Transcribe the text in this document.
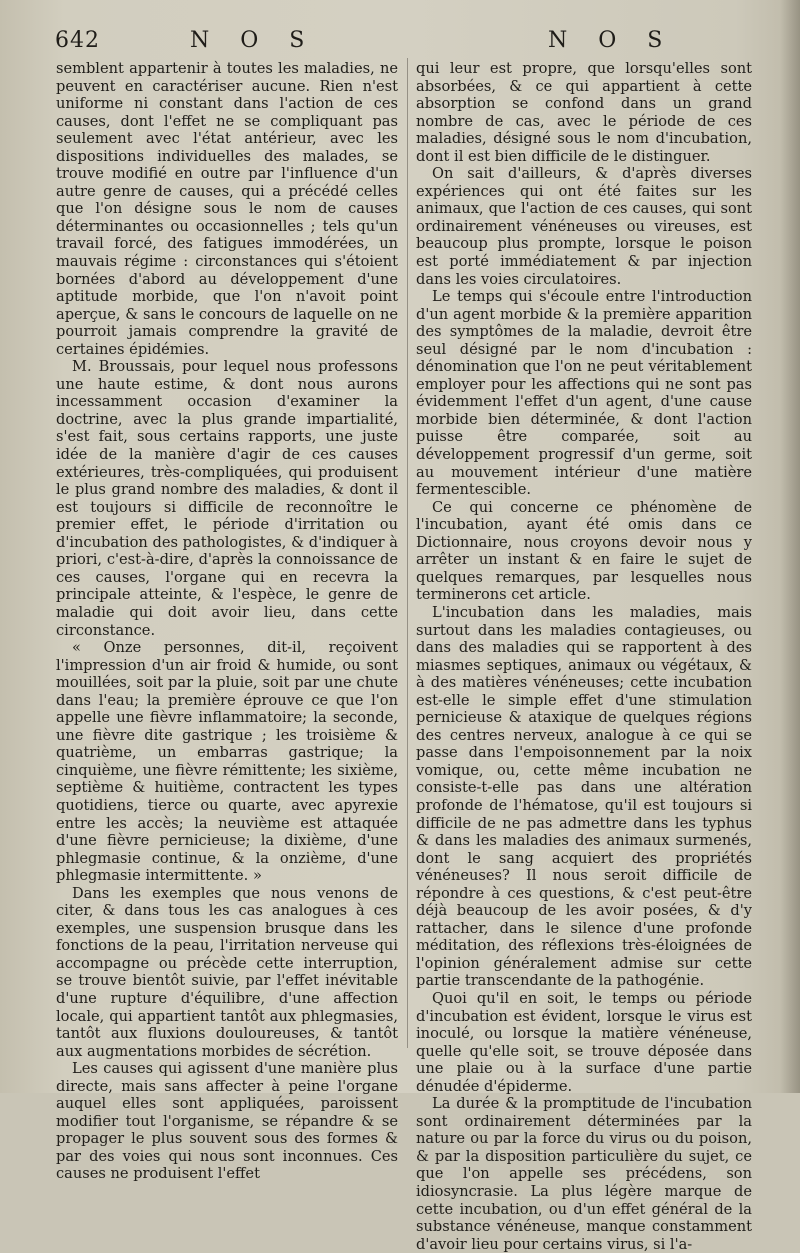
642	N O S	N O S

semblent appartenir à toutes les maladies, ne peuvent en caractériser aucune. Rien n'est uniforme ni constant dans l'action de ces causes, dont l'effet ne se compliquant pas seulement avec l'état antérieur, avec les dispositions individuelles des malades, se trouve modifié en outre par l'influence d'un autre genre de causes, qui a précédé celles que l'on désigne sous le nom de causes déterminantes ou occasionnelles ; tels qu'un travail forcé, des fatigues immodérées, un mauvais régime : circonstances qui s'étoient bornées d'abord au développement d'une aptitude morbide, que l'on n'avoit point aperçue, & sans le concours de laquelle on ne pourroit jamais comprendre la gravité de certaines épidémies.

M. Broussais, pour lequel nous professons une haute estime, & dont nous aurons incessamment occasion d'examiner la doctrine, avec la plus grande impartialité, s'est fait, sous certains rapports, une juste idée de la manière d'agir de ces causes extérieures, très-compliquées, qui produisent le plus grand nombre des maladies, & dont il est toujours si difficile de reconnoître le premier effet, le période d'irritation ou d'incubation des pathologistes, & d'indiquer à priori, c'est-à-dire, d'après la connoissance de ces causes, l'organe qui en recevra la principale atteinte, & l'espèce, le genre de maladie qui doit avoir lieu, dans cette circonstance.

« Onze personnes, dit-il, reçoivent l'impression d'un air froid & humide, ou sont mouillées, soit par la pluie, soit par une chute dans l'eau; la première éprouve ce que l'on appelle une fièvre inflammatoire; la seconde, une fièvre dite gastrique ; les troisième & quatrième, un embarras gastrique; la cinquième, une fièvre rémittente; les sixième, septième & huitième, contractent les types quotidiens, tierce ou quarte, avec apyrexie entre les accès; la neuvième est attaquée d'une fièvre pernicieuse; la dixième, d'une phlegmasie continue, & la onzième, d'une phlegmasie intermittente. »

Dans les exemples que nous venons de citer, & dans tous les cas analogues à ces exemples, une suspension brusque dans les fonctions de la peau, l'irritation nerveuse qui accompagne ou précède cette interruption, se trouve bientôt suivie, par l'effet inévitable d'une rupture d'équilibre, d'une affection locale, qui appartient tantôt aux phlegmasies, tantôt aux fluxions douloureuses, & tantôt aux augmentations morbides de sécrétion.

Les causes qui agissent d'une manière plus directe, mais sans affecter à peine l'organe auquel elles sont appliquées, paroissent modifier tout l'organisme, se répandre & se propager le plus souvent sous des formes & par des voies qui nous sont inconnues. Ces causes ne produisent l'effet

qui leur est propre, que lorsqu'elles sont absorbées, & ce qui appartient à cette absorption se confond dans un grand nombre de cas, avec le période de ces maladies, désigné sous le nom d'incubation, dont il est bien difficile de le distinguer.

On sait d'ailleurs, & d'après diverses expériences qui ont été faites sur les animaux, que l'action de ces causes, qui sont ordinairement vénéneuses ou vireuses, est beaucoup plus prompte, lorsque le poison est porté immédiatement & par injection dans les voies circulatoires.

Le temps qui s'écoule entre l'introduction d'un agent morbide & la première apparition des symptômes de la maladie, devroit être seul désigné par le nom d'incubation : dénomination que l'on ne peut véritablement employer pour les affections qui ne sont pas évidemment l'effet d'un agent, d'une cause morbide bien déterminée, & dont l'action puisse être comparée, soit au développement progressif d'un germe, soit au mouvement intérieur d'une matière fermentescible.

Ce qui concerne ce phénomène de l'incubation, ayant été omis dans ce Dictionnaire, nous croyons devoir nous y arrêter un instant & en faire le sujet de quelques remarques, par lesquelles nous terminerons cet article.

L'incubation dans les maladies, mais surtout dans les maladies contagieuses, ou dans des maladies qui se rapportent à des miasmes septiques, animaux ou végétaux, & à des matières vénéneuses; cette incubation est-elle le simple effet d'une stimulation pernicieuse & ataxique de quelques régions des centres nerveux, analogue à ce qui se passe dans l'empoisonnement par la noix vomique, ou, cette même incubation ne consiste-t-elle pas dans une altération profonde de l'hématose, qu'il est toujours si difficile de ne pas admettre dans les typhus & dans les maladies des animaux surmenés, dont le sang acquiert des propriétés vénéneuses? Il nous seroit difficile de répondre à ces questions, & c'est peut-être déjà beaucoup de les avoir posées, & d'y rattacher, dans le silence d'une profonde méditation, des réflexions très-éloignées de l'opinion généralement admise sur cette partie transcendante de la pathogénie.

Quoi qu'il en soit, le temps ou période d'incubation est évident, lorsque le virus est inoculé, ou lorsque la matière vénéneuse, quelle qu'elle soit, se trouve déposée dans une plaie ou à la surface d'une partie dénudée d'épiderme.

La durée & la promptitude de l'incubation sont ordinairement déterminées par la nature ou par la force du virus ou du poison, & par la disposition particulière du sujet, ce que l'on appelle ses précédens, son idiosyncrasie. La plus légère marque de cette incubation, ou d'un effet général de la substance vénéneuse, manque constamment d'avoir lieu pour certains virus, si l'a-
